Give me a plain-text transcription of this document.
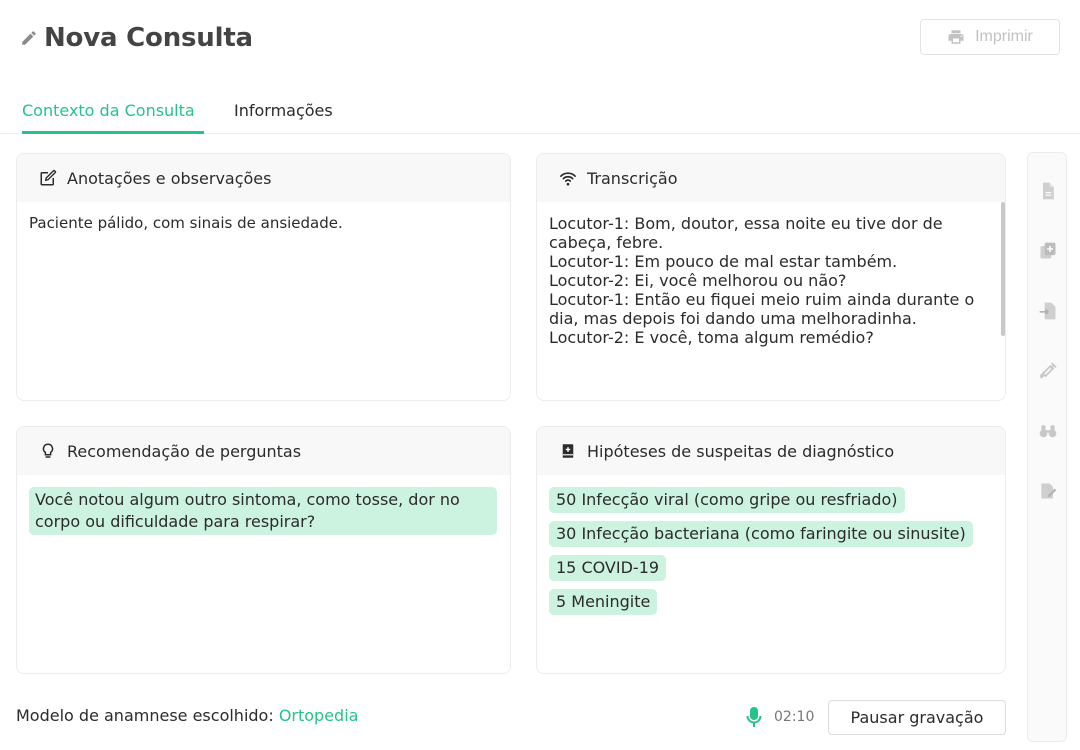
Nova Consulta	Imprimir
Contexto da Consulta Informações
Anotações e observações
Paciente pálido, com sinais de ansiedade.
Transcrição
Locutor-1: Bom, doutor, essa noite eu tive dor de cabeça, febre.
Locutor-1: Em pouco de mal estar também.
Locutor-2: Ei, você melhorou ou não?
Locutor-1: Então eu fiquei meio ruim ainda durante o dia, mas depois foi dando uma melhoradinha.
Locutor-2: E você, toma algum remédio?
Recomendação de perguntas
Você notou algum outro sintoma, como tosse, dor no corpo ou dificuldade para respirar?
Hipóteses de suspeitas de diagnóstico
50 Infecção viral (como gripe ou resfriado)
30 Infecção bacteriana (como faringite ou sinusite)
15 COVID-19
5 Meningite
Modelo de anamnese escolhido: Ortopedia	02:10 Pausar gravação
